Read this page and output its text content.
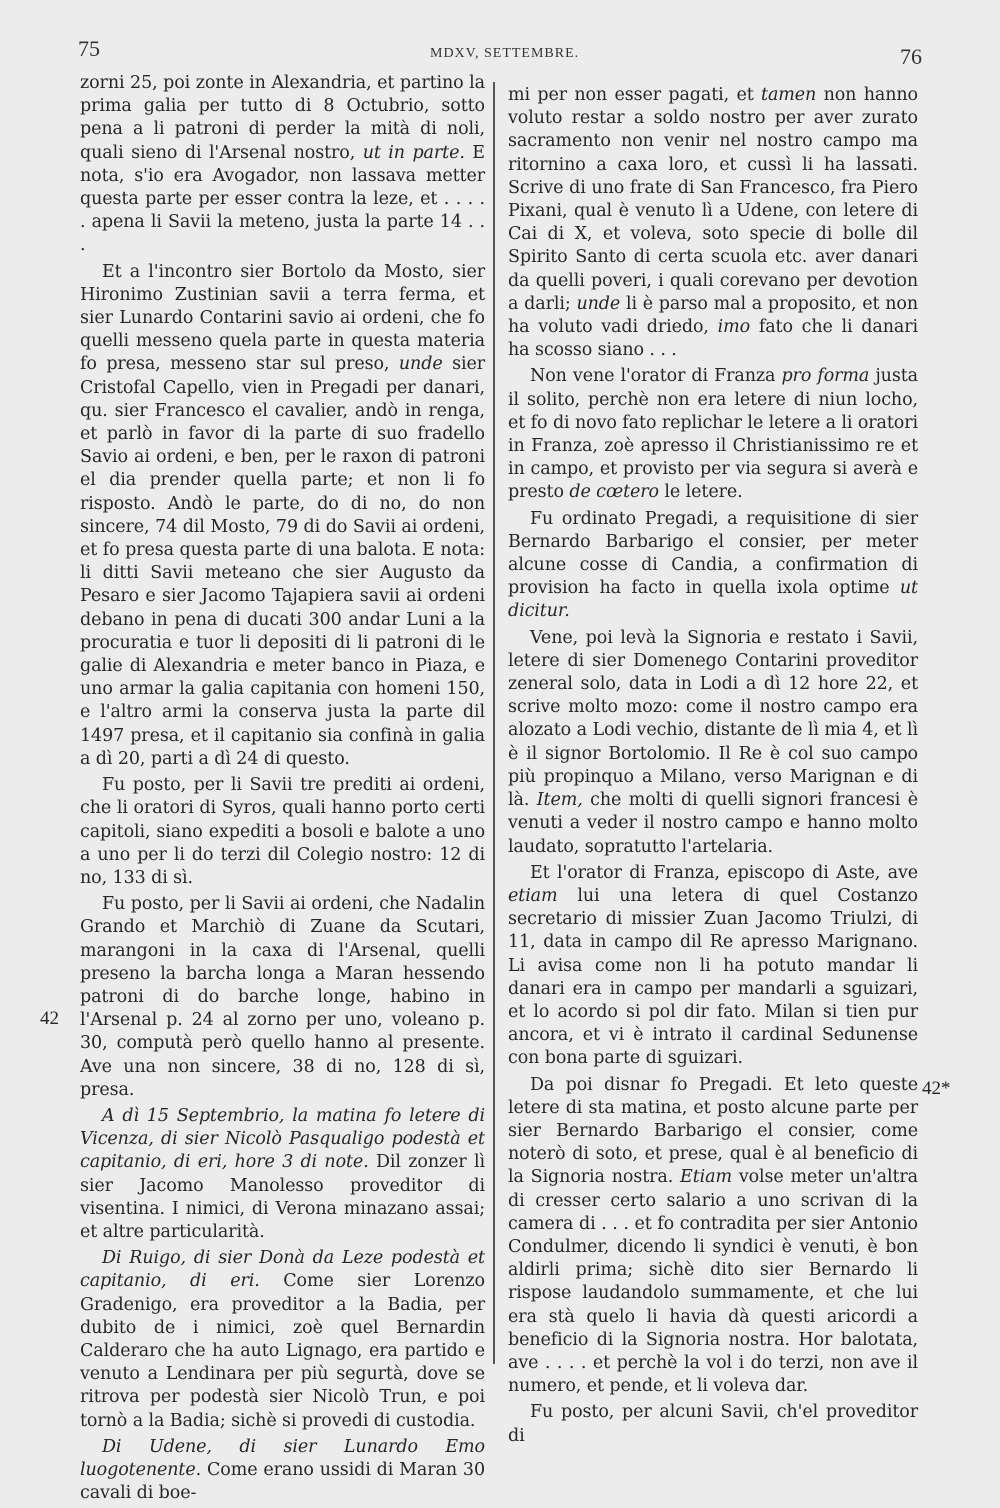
75	MDXV, SETTEMBRE.	76
42
42*

zorni 25, poi zonte in Alexandria, et partino la prima galia per tutto di 8 Octubrio, sotto pena a li patroni di perder la mità di noli, quali sieno di l'Arsenal nostro, ut in parte. E nota, s'io era Avogador, non lassava metter questa parte per esser contra la leze, et . . . . . apena li Savii la meteno, justa la parte 14 . . .

Et a l'incontro sier Bortolo da Mosto, sier Hironimo Zustinian savii a terra ferma, et sier Lunardo Contarini savio ai ordeni, che fo quelli messeno quela parte in questa materia fo presa, messeno star sul preso, unde sier Cristofal Capello, vien in Pregadi per danari, qu. sier Francesco el cavalier, andò in renga, et parlò in favor di la parte di suo fradello Savio ai ordeni, e ben, per le raxon di patroni el dia prender quella parte; et non li fo risposto. Andò le parte, do di no, do non sincere, 74 dil Mosto, 79 di do Savii ai ordeni, et fo presa questa parte di una balota. E nota: li ditti Savii meteano che sier Augusto da Pesaro e sier Jacomo Tajapiera savii ai ordeni debano in pena di ducati 300 andar Luni a la procuratia e tuor li depositi di li patroni di le galie di Alexandria e meter banco in Piaza, e uno armar la galia capitania con homeni 150, e l'altro armi la conserva justa la parte dil 1497 presa, et il capitanio sia confinà in galia a dì 20, parti a dì 24 di questo.

Fu posto, per li Savii tre prediti ai ordeni, che li oratori di Syros, quali hanno porto certi capitoli, siano expediti a bosoli e balote a uno a uno per li do terzi dil Colegio nostro: 12 di no, 133 di sì.

Fu posto, per li Savii ai ordeni, che Nadalin Grando et Marchiò di Zuane da Scutari, marangoni in la caxa di l'Arsenal, quelli preseno la barcha longa a Maran hessendo patroni di do barche longe, habino in l'Arsenal p. 24 al zorno per uno, voleano p. 30, computà però quello hanno al presente. Ave una non sincere, 38 di no, 128 di sì, presa.

A dì 15 Septembrio, la matina fo letere di Vicenza, di sier Nicolò Pasqualigo podestà et capitanio, di eri, hore 3 di note. Dil zonzer lì sier Jacomo Manolesso proveditor di visentina. I nimici, di Verona minazano assai; et altre particularità.

Di Ruigo, di sier Donà da Leze podestà et capitanio, di eri. Come sier Lorenzo Gradenigo, era proveditor a la Badia, per dubito de i nimici, zoè quel Bernardin Calderaro che ha auto Lignago, era partido e venuto a Lendinara per più segurtà, dove se ritrova per podestà sier Nicolò Trun, e poi tornò a la Badia; sichè si provedi di custodia.

Di Udene, di sier Lunardo Emo luogotenente. Come erano ussidi di Maran 30 cavali di boe-

mi per non esser pagati, et tamen non hanno voluto restar a soldo nostro per aver zurato sacramento non venir nel nostro campo ma ritornino a caxa loro, et cussì li ha lassati. Scrive di uno frate di San Francesco, fra Piero Pixani, qual è venuto lì a Udene, con letere di Cai di X, et voleva, soto specie di bolle dil Spirito Santo di certa scuola etc. aver danari da quelli poveri, i quali corevano per devotion a darli; unde li è parso mal a proposito, et non ha voluto vadi driedo, imo fato che li danari ha scosso siano . . .

Non vene l'orator di Franza pro forma justa il solito, perchè non era letere di niun locho, et fo di novo fato replichar le letere a li oratori in Franza, zoè apresso il Christianissimo re et in campo, et provisto per via segura si averà e presto de cœtero le letere.

Fu ordinato Pregadi, a requisitione di sier Bernardo Barbarigo el consier, per meter alcune cosse di Candia, a confirmation di provision ha facto in quella ixola optime ut dicitur.

Vene, poi levà la Signoria e restato i Savii, letere di sier Domenego Contarini proveditor zeneral solo, data in Lodi a dì 12 hore 22, et scrive molto mozo: come il nostro campo era alozato a Lodi vechio, distante de lì mia 4, et lì è il signor Bortolomio. Il Re è col suo campo più propinquo a Milano, verso Marignan e di là. Item, che molti di quelli signori francesi è venuti a veder il nostro campo e hanno molto laudato, sopratutto l'artelaria.

Et l'orator di Franza, episcopo di Aste, ave etiam lui una letera di quel Costanzo secretario di missier Zuan Jacomo Triulzi, di 11, data in campo dil Re apresso Marignano. Li avisa come non li ha potuto mandar li danari era in campo per mandarli a sguizari, et lo acordo si pol dir fato. Milan si tien pur ancora, et vi è intrato il cardinal Sedunense con bona parte di sguizari.

Da poi disnar fo Pregadi. Et leto queste letere di sta matina, et posto alcune parte per sier Bernardo Barbarigo el consier, come noterò di soto, et prese, qual è al beneficio di la Signoria nostra. Etiam volse meter un'altra di cresser certo salario a uno scrivan di la camera di . . . et fo contradita per sier Antonio Condulmer, dicendo li syndici è venuti, è bon aldirli prima; sichè dito sier Bernardo li rispose laudandolo summamente, et che lui era stà quelo li havia dà questi aricordi a beneficio di la Signoria nostra. Hor balotata, ave . . . . et perchè la vol i do terzi, non ave il numero, et pende, et li voleva dar.

Fu posto, per alcuni Savii, ch'el proveditor di
